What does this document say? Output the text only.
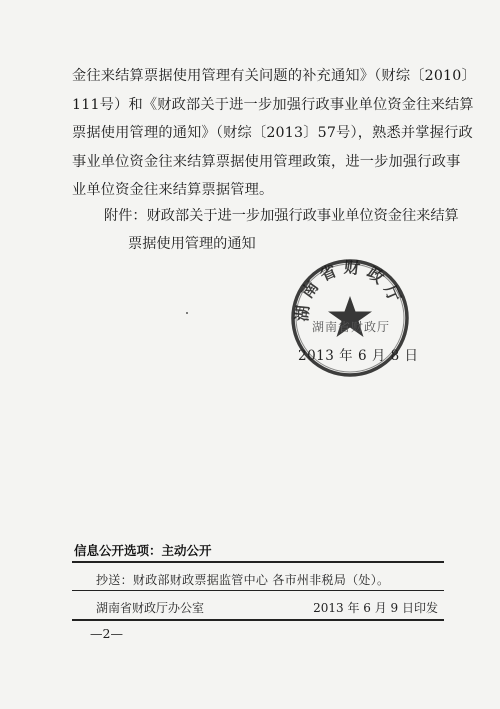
金往来结算票据使用管理有关问题的补充通知》（财综〔2010〕
111号）和《财政部关于进一步加强行政事业单位资金往来结算
票据使用管理的通知》（财综〔2013〕57号），熟悉并掌握行政
事业单位资金往来结算票据使用管理政策，进一步加强行政事
业单位资金往来结算票据管理。

附件：财政部关于进一步加强行政事业单位资金往来结算
票据使用管理的通知

湖南省财政厅
湖南省财政厅
2013 年 6 月 8 日
信息公开选项：主动公开
抄送：财政部财政票据监管中心 各市州非税局（处）。
湖南省财政厅办公室	2013 年 6 月 9 日印发
—2—
